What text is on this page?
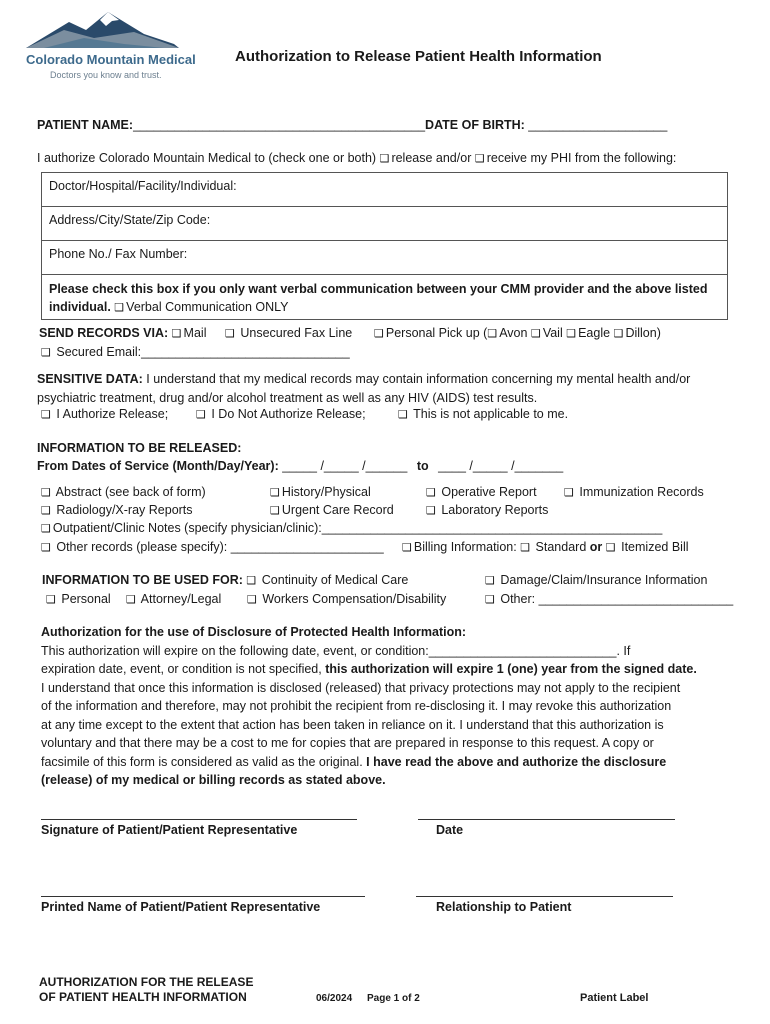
Colorado Mountain Medical
Doctors you know and trust.
Authorization to Release Patient Health Information
PATIENT NAME:__________________________________________DATE OF BIRTH: ____________________
I authorize Colorado Mountain Medical to (check one or both) ❑ release and/or ❑ receive my PHI from the following:
Doctor/Hospital/Facility/Individual:
Address/City/State/Zip Code:
Phone No./ Fax Number:
Please check this box if you only want verbal communication between your CMM provider and the above listed individual. ❑ Verbal Communication ONLY
SEND RECORDS VIA: ❑ Mail ❑ Unsecured Fax Line ❑ Personal Pick up (❑ Avon ❑ Vail ❑ Eagle ❑ Dillon)
❑ Secured Email:______________________________
SENSITIVE DATA: I understand that my medical records may contain information concerning my mental health and/or
psychiatric treatment, drug and/or alcohol treatment as well as any HIV (AIDS) test results.
❑ I Authorize Release;	❑ I Do Not Authorize Release;	❑ This is not applicable to me.
INFORMATION TO BE RELEASED:
From Dates of Service (Month/Day/Year): _____ /_____ /______ to ____ /_____ /_______
❑ Abstract (see back of form)	❑ History/Physical	❑ Operative Report ❑ Immunization Records
❑ Radiology/X-ray Reports	❑ Urgent Care Record	❑ Laboratory Reports
❑ Outpatient/Clinic Notes (specify physician/clinic):_________________________________________________
❑ Other records (please specify): ______________________ ❑ Billing Information: ❑ Standard or ❑ Itemized Bill
INFORMATION TO BE USED FOR: ❑ Continuity of Medical Care	❑ Damage/Claim/Insurance Information
❑ Personal ❑ Attorney/Legal ❑ Workers Compensation/Disability	❑ Other: ____________________________
Authorization for the use of Disclosure of Protected Health Information:
This authorization will expire on the following date, event, or condition:___________________________. If
expiration date, event, or condition is not specified, this authorization will expire 1 (one) year from the signed date.
I understand that once this information is disclosed (released) that privacy protections may not apply to the recipient
of the information and therefore, may not prohibit the recipient from re-disclosing it. I may revoke this authorization
at any time except to the extent that action has been taken in reliance on it. I understand that this authorization is
voluntary and that there may be a cost to me for copies that are prepared in response to this request. A copy or
facsimile of this form is considered as valid as the original. I have read the above and authorize the disclosure
(release) of my medical or billing records as stated above.
Signature of Patient/Patient Representative	Date
Printed Name of Patient/Patient Representative	Relationship to Patient
AUTHORIZATION FOR THE RELEASE
OF PATIENT HEALTH INFORMATION	06/2024 Page 1 of 2	Patient Label
